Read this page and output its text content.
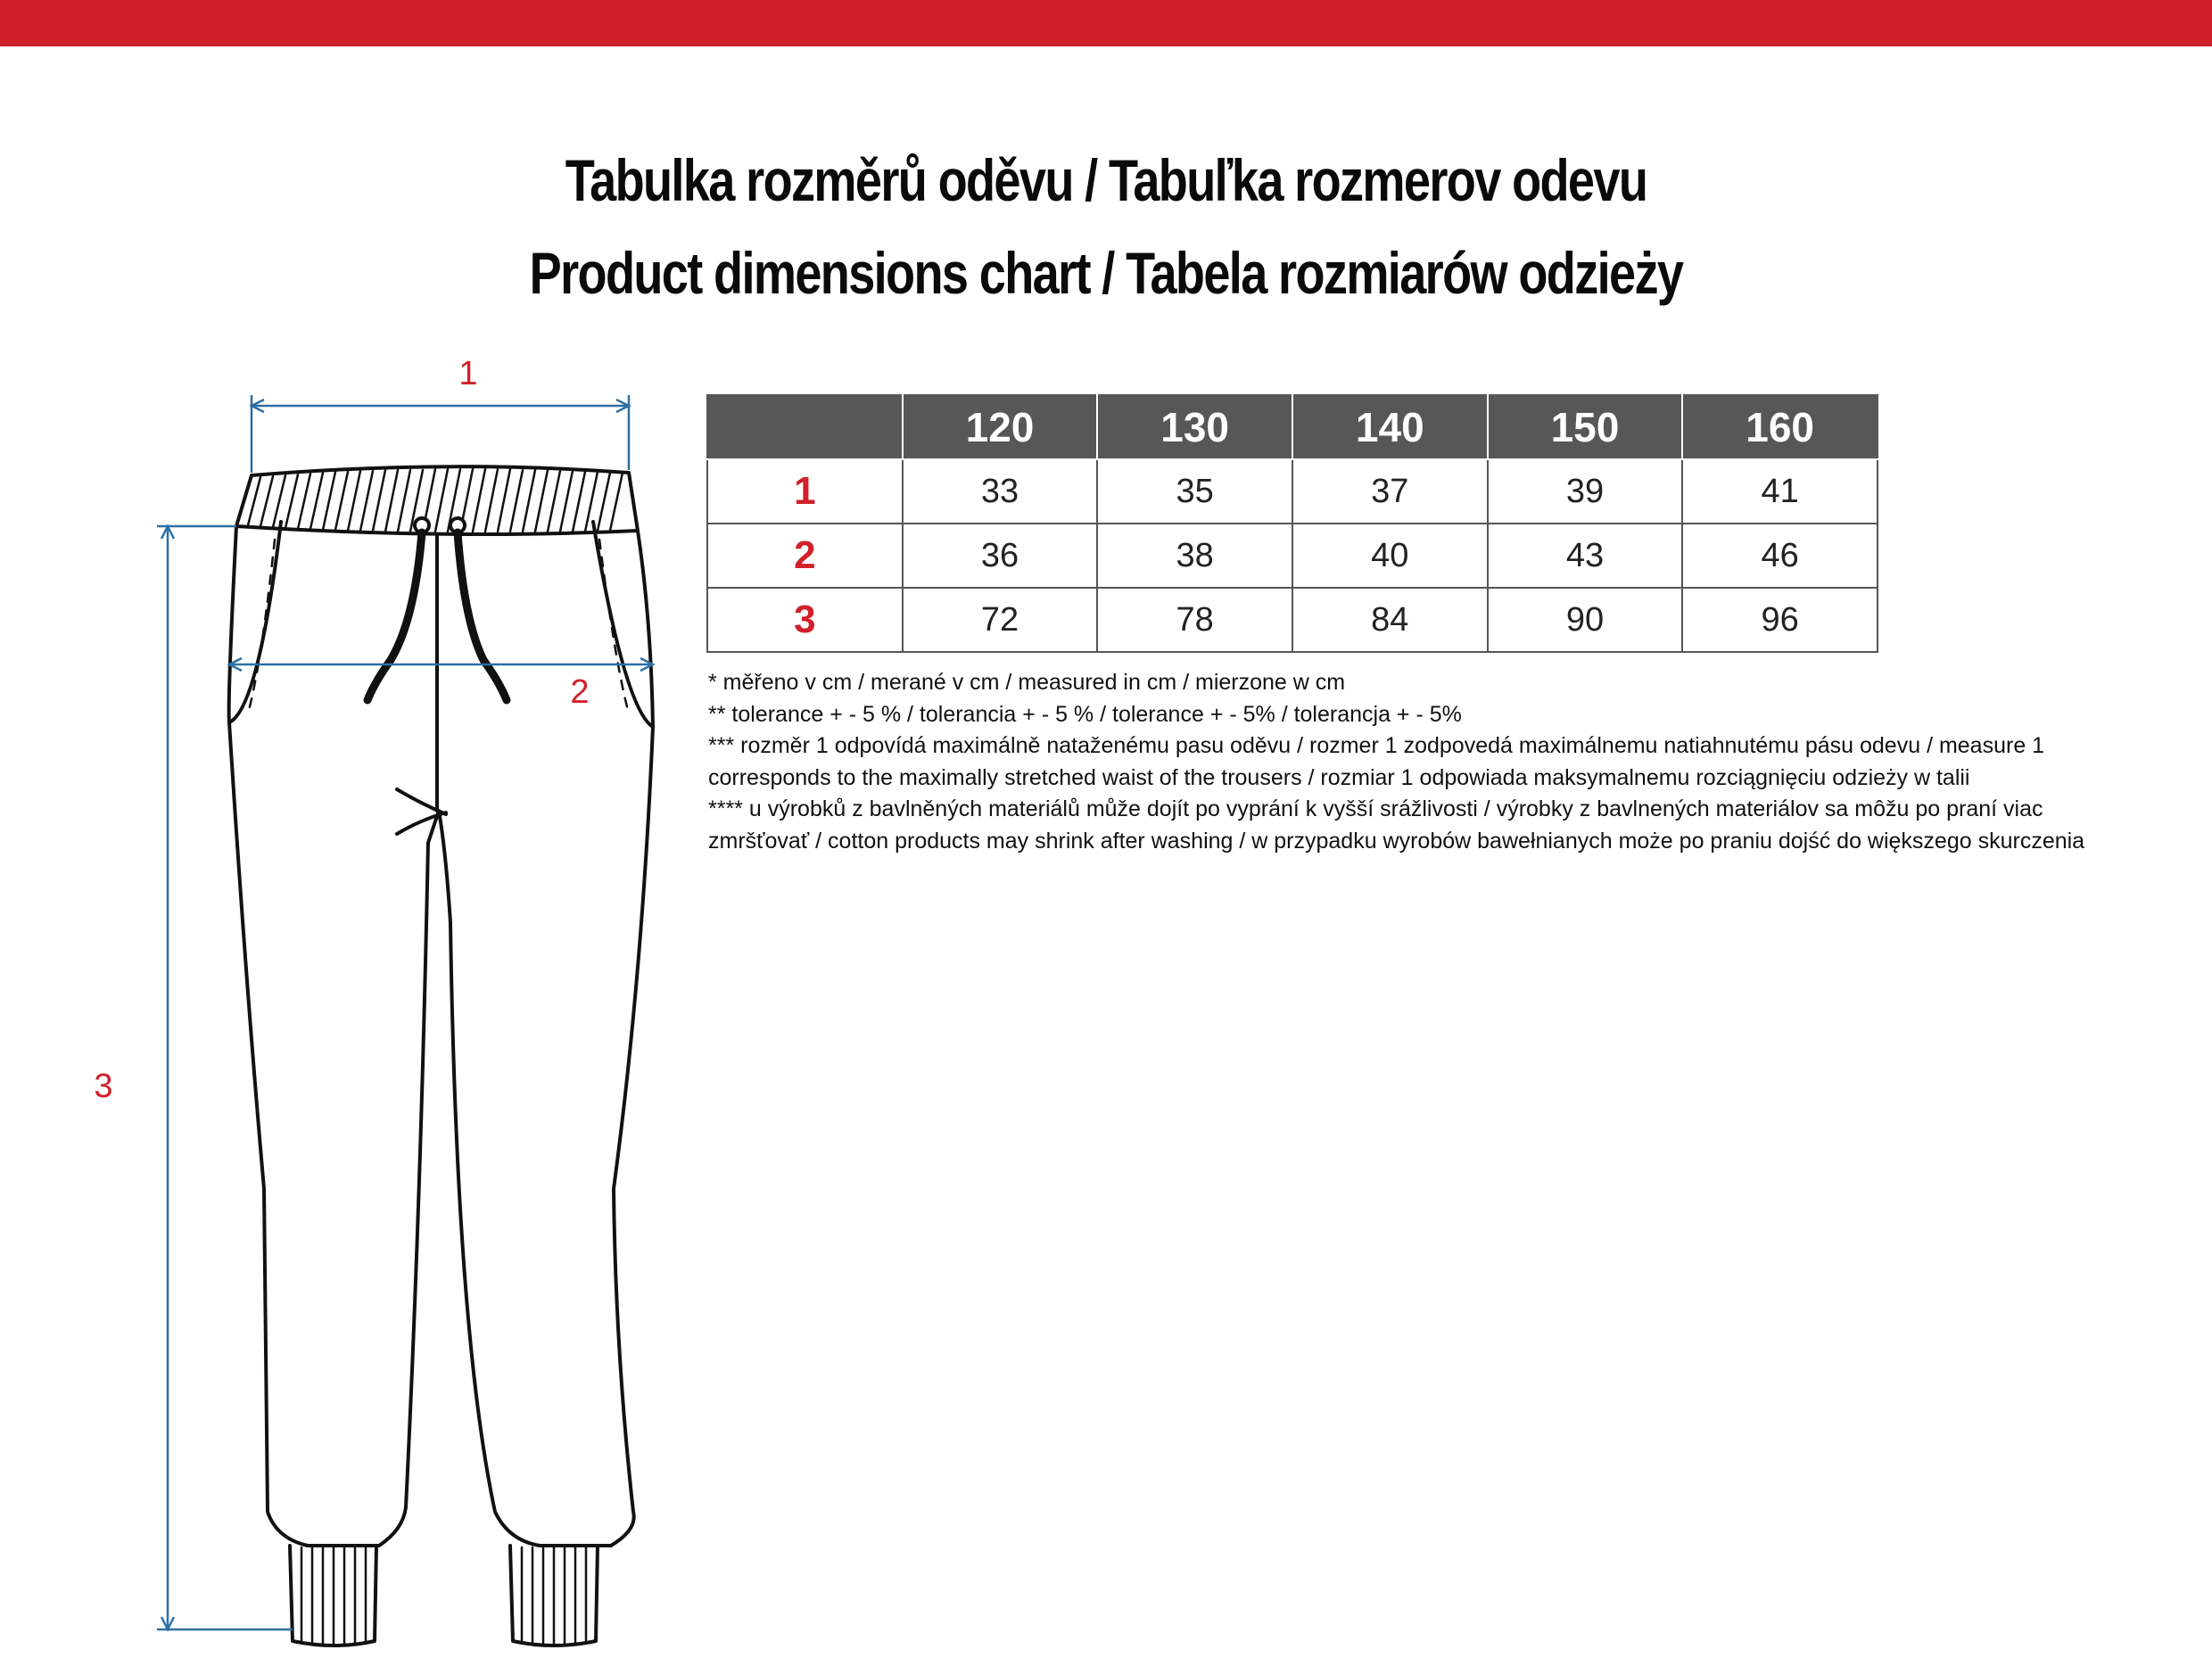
Tabulka rozměrů oděvu / Tabuľka rozmerov odevu
Product dimensions chart / Tabela rozmiarów odzieży
1
2
3
	120	130	140	150	160
1	33	35	37	39	41
2	36	38	40	43	46
3	72	78	84	90	96

* měřeno v cm / merané v cm / measured in cm / mierzone w cm

** tolerance + - 5 % / tolerancia + - 5 % / tolerance + - 5% / tolerancja + - 5%

*** rozměr 1 odpovídá maximálně nataženému pasu oděvu / rozmer 1 zodpovedá maximálnemu natiahnutému pásu odevu / measure 1 corresponds to the maximally stretched waist of the trousers / rozmiar 1 odpowiada maksymalnemu rozciągnięciu odzieży w talii

**** u výrobků z bavlněných materiálů může dojít po vyprání k vyšší srážlivosti / výrobky z bavlnených materiálov sa môžu po praní viac zmršťovať / cotton products may shrink after washing / w przypadku wyrobów bawełnianych może po praniu dojść do większego skurczenia
